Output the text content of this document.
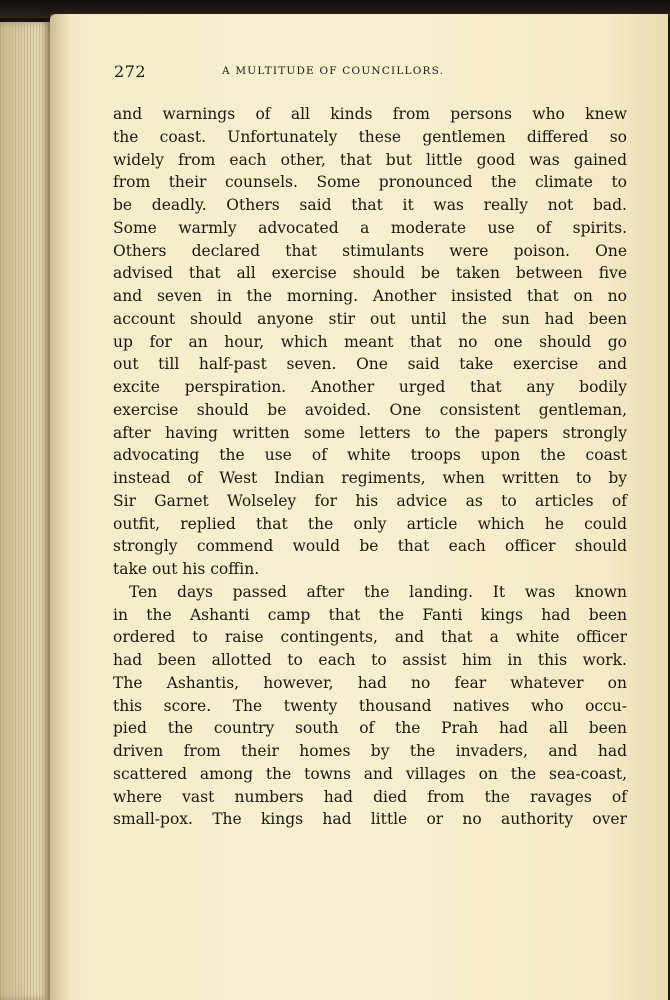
272	A MULTITUDE OF COUNCILLORS.
and warnings of all kinds from persons who knew
the coast. Unfortunately these gentlemen differed so
widely from each other, that but little good was gained
from their counsels. Some pronounced the climate to
be deadly. Others said that it was really not bad.
Some warmly advocated a moderate use of spirits.
Others declared that stimulants were poison. One
advised that all exercise should be taken between five
and seven in the morning. Another insisted that on no
account should anyone stir out until the sun had been
up for an hour, which meant that no one should go
out till half-past seven. One said take exercise and
excite perspiration. Another urged that any bodily
exercise should be avoided. One consistent gentleman,
after having written some letters to the papers strongly
advocating the use of white troops upon the coast
instead of West Indian regiments, when written to by
Sir Garnet Wolseley for his advice as to articles of
outfit, replied that the only article which he could
strongly commend would be that each officer should
take out his coffin.
Ten days passed after the landing. It was known
in the Ashanti camp that the Fanti kings had been
ordered to raise contingents, and that a white officer
had been allotted to each to assist him in this work.
The Ashantis, however, had no fear whatever on
this score. The twenty thousand natives who occu-
pied the country south of the Prah had all been
driven from their homes by the invaders, and had
scattered among the towns and villages on the sea-coast,
where vast numbers had died from the ravages of
small-pox. The kings had little or no authority over
